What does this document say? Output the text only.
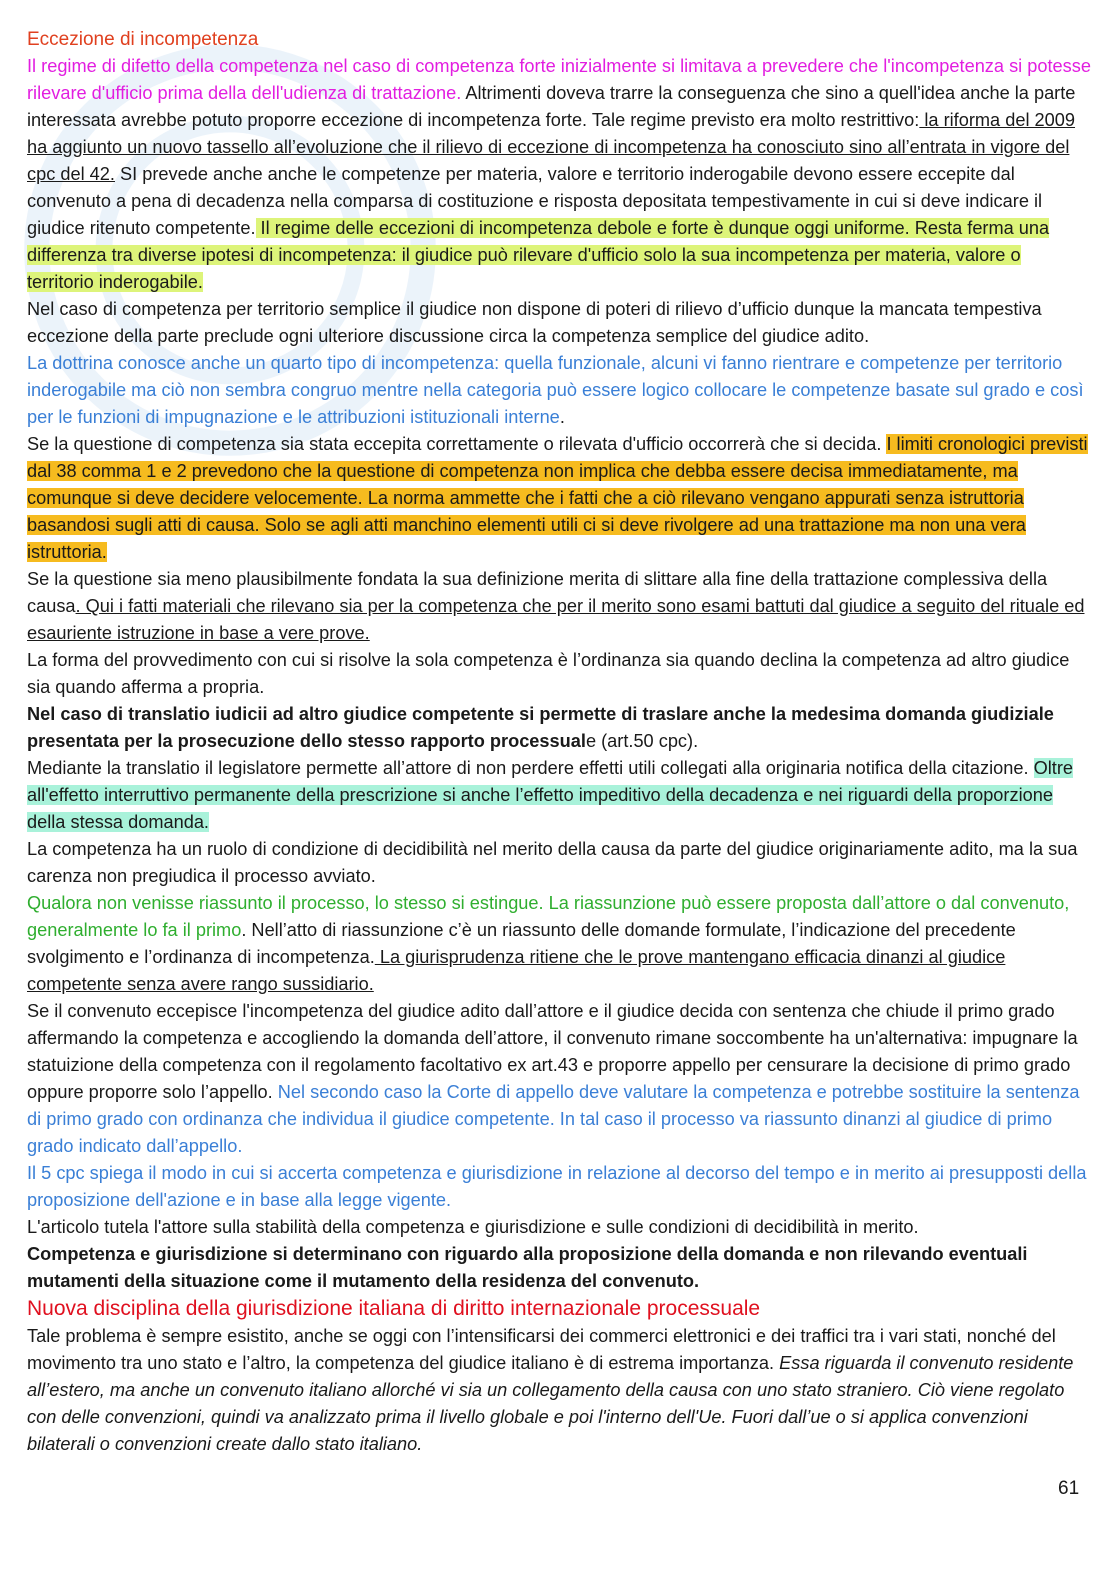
Eccezione di incompetenza

Il regime di difetto della competenza nel caso di competenza forte inizialmente si limitava a prevedere che l'incompetenza si potesse rilevare d'ufficio prima della dell'udienza di trattazione. Altrimenti doveva trarre la conseguenza che sino a quell'idea anche la parte interessata avrebbe potuto proporre eccezione di incompetenza forte. Tale regime previsto era molto restrittivo: la riforma del 2009 ha aggiunto un nuovo tassello all’evoluzione che il rilievo di eccezione di incompetenza ha conosciuto sino all’entrata in vigore del cpc del 42. SI prevede anche anche le competenze per materia, valore e territorio inderogabile devono essere eccepite dal convenuto a pena di decadenza nella comparsa di costituzione e risposta depositata tempestivamente in cui si deve indicare il giudice ritenuto competente. Il regime delle eccezioni di incompetenza debole e forte è dunque oggi uniforme. Resta ferma una differenza tra diverse ipotesi di incompetenza: il giudice può rilevare d'ufficio solo la sua incompetenza per materia, valore o territorio inderogabile.

Nel caso di competenza per territorio semplice il giudice non dispone di poteri di rilievo d’ufficio dunque la mancata tempestiva eccezione della parte preclude ogni ulteriore discussione circa la competenza semplice del giudice adito.

La dottrina conosce anche un quarto tipo di incompetenza: quella funzionale, alcuni vi fanno rientrare e competenze per territorio inderogabile ma ciò non sembra congruo mentre nella categoria può essere logico collocare le competenze basate sul grado e così per le funzioni di impugnazione e le attribuzioni istituzionali interne.

Se la questione di competenza sia stata eccepita correttamente o rilevata d'ufficio occorrerà che si decida. I limiti cronologici previsti dal 38 comma 1 e 2 prevedono che la questione di competenza non implica che debba essere decisa immediatamente, ma comunque si deve decidere velocemente. La norma ammette che i fatti che a ciò rilevano vengano appurati senza istruttoria basandosi sugli atti di causa. Solo se agli atti manchino elementi utili ci si deve rivolgere ad una trattazione ma non una vera istruttoria.

Se la questione sia meno plausibilmente fondata la sua definizione merita di slittare alla fine della trattazione complessiva della causa. Qui i fatti materiali che rilevano sia per la competenza che per il merito sono esami battuti dal giudice a seguito del rituale ed esauriente istruzione in base a vere prove.

La forma del provvedimento con cui si risolve la sola competenza è l’ordinanza sia quando declina la competenza ad altro giudice sia quando afferma a propria.

Nel caso di translatio iudicii ad altro giudice competente si permette di traslare anche la medesima domanda giudiziale presentata per la prosecuzione dello stesso rapporto processuale (art.50 cpc).

Mediante la translatio il legislatore permette all’attore di non perdere effetti utili collegati alla originaria notifica della citazione. Oltre all'effetto interruttivo permanente della prescrizione si anche l’effetto impeditivo della decadenza e nei riguardi della proporzione della stessa domanda.

La competenza ha un ruolo di condizione di decidibilità nel merito della causa da parte del giudice originariamente adito, ma la sua carenza non pregiudica il processo avviato.

Qualora non venisse riassunto il processo, lo stesso si estingue. La riassunzione può essere proposta dall’attore o dal convenuto, generalmente lo fa il primo. Nell’atto di riassunzione c’è un riassunto delle domande formulate, l’indicazione del precedente svolgimento e l’ordinanza di incompetenza. La giurisprudenza ritiene che le prove mantengano efficacia dinanzi al giudice competente senza avere rango sussidiario.

Se il convenuto eccepisce l'incompetenza del giudice adito dall’attore e il giudice decida con sentenza che chiude il primo grado affermando la competenza e accogliendo la domanda dell’attore, il convenuto rimane soccombente ha un'alternativa: impugnare la statuizione della competenza con il regolamento facoltativo ex art.43 e proporre appello per censurare la decisione di primo grado oppure proporre solo l’appello. Nel secondo caso la Corte di appello deve valutare la competenza e potrebbe sostituire la sentenza di primo grado con ordinanza che individua il giudice competente. In tal caso il processo va riassunto dinanzi al giudice di primo grado indicato dall’appello.

Il 5 cpc spiega il modo in cui si accerta competenza e giurisdizione in relazione al decorso del tempo e in merito ai presupposti della proposizione dell'azione e in base alla legge vigente.

L'articolo tutela l'attore sulla stabilità della competenza e giurisdizione e sulle condizioni di decidibilità in merito.

Competenza e giurisdizione si determinano con riguardo alla proposizione della domanda e non rilevando eventuali mutamenti della situazione come il mutamento della residenza del convenuto.

Nuova disciplina della giurisdizione italiana di diritto internazionale processuale

Tale problema è sempre esistito, anche se oggi con l’intensificarsi dei commerci elettronici e dei traffici tra i vari stati, nonché del movimento tra uno stato e l’altro, la competenza del giudice italiano è di estrema importanza. Essa riguarda il convenuto residente all’estero, ma anche un convenuto italiano allorché vi sia un collegamento della causa con uno stato straniero. Ciò viene regolato con delle convenzioni, quindi va analizzato prima il livello globale e poi l'interno dell'Ue. Fuori dall’ue o si applica convenzioni bilaterali o convenzioni create dallo stato italiano.

61
